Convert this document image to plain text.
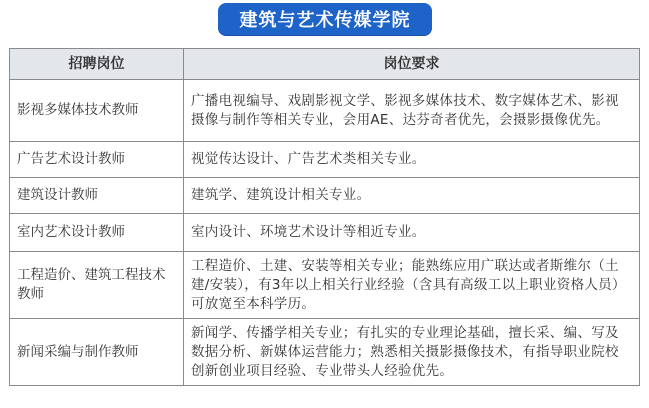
建筑与艺术传媒学院
招聘岗位	岗位要求
影视多媒体技术教师	广播电视编导、戏剧影视文学、影视多媒体技术、数字媒体艺术、影视摄像与制作等相关专业，会用AE、达芬奇者优先，会摄影摄像优先。
广告艺术设计教师	视觉传达设计、广告艺术类相关专业。
建筑设计教师	建筑学、建筑设计相关专业。
室内艺术设计教师	室内设计、环境艺术设计等相近专业。
工程造价、建筑工程技术教师	工程造价、土建、安装等相关专业；能熟练应用广联达或者斯维尔（土建/安装），有3年以上相关行业经验（含具有高级工以上职业资格人员）可放宽至本科学历。
新闻采编与制作教师	新闻学、传播学相关专业；有扎实的专业理论基础，擅长采、编、写及数据分析、新媒体运营能力；熟悉相关摄影摄像技术，有指导职业院校创新创业项目经验、专业带头人经验优先。
